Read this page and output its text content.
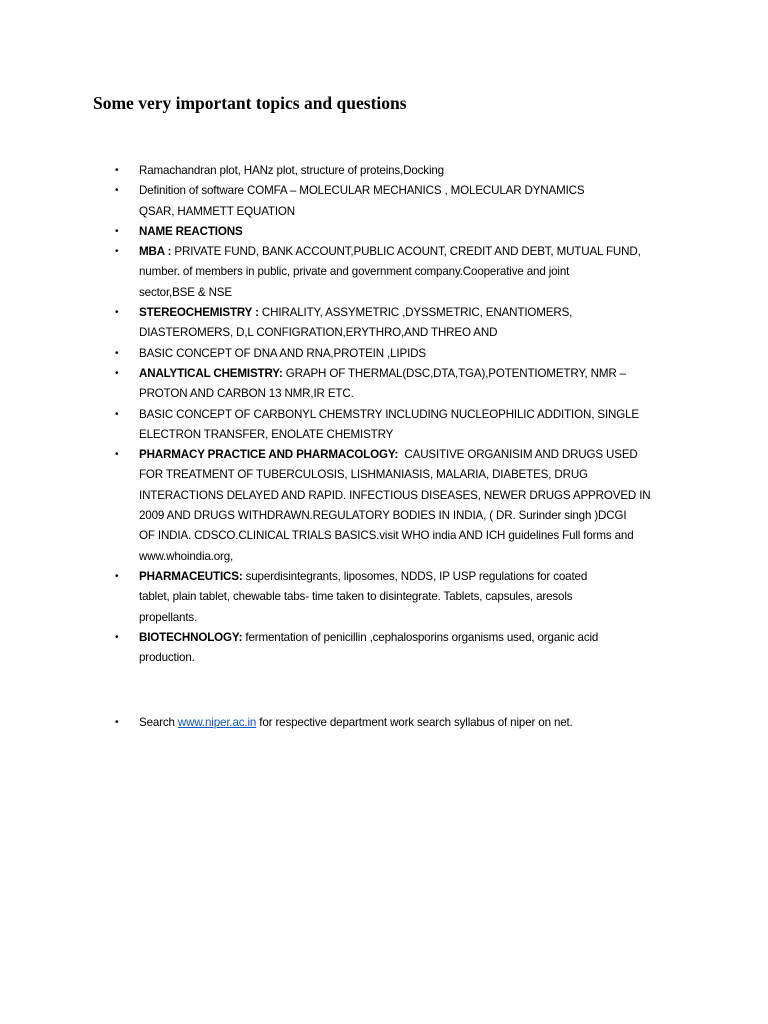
Some very important topics and questions
• Ramachandran plot, HANz plot, structure of proteins,Docking
• Definition of software COMFA – MOLECULAR MECHANICS , MOLECULAR DYNAMICS
QSAR, HAMMETT EQUATION
• NAME REACTIONS
• MBA : PRIVATE FUND, BANK ACCOUNT,PUBLIC ACOUNT, CREDIT AND DEBT, MUTUAL FUND,
number. of members in public, private and government company.Cooperative and joint
sector,BSE & NSE
• STEREOCHEMISTRY : CHIRALITY, ASSYMETRIC ,DYSSMETRIC, ENANTIOMERS,
DIASTEROMERS, D,L CONFIGRATION,ERYTHRO,AND THREO AND
• BASIC CONCEPT OF DNA AND RNA,PROTEIN ,LIPIDS
• ANALYTICAL CHEMISTRY: GRAPH OF THERMAL(DSC,DTA,TGA),POTENTIOMETRY, NMR –
PROTON AND CARBON 13 NMR,IR ETC.
• BASIC CONCEPT OF CARBONYL CHEMSTRY INCLUDING NUCLEOPHILIC ADDITION, SINGLE
ELECTRON TRANSFER, ENOLATE CHEMISTRY
• PHARMACY PRACTICE AND PHARMACOLOGY:  CAUSITIVE ORGANISIM AND DRUGS USED
FOR TREATMENT OF TUBERCULOSIS, LISHMANIASIS, MALARIA, DIABETES, DRUG
INTERACTIONS DELAYED AND RAPID. INFECTIOUS DISEASES, NEWER DRUGS APPROVED IN
2009 AND DRUGS WITHDRAWN.REGULATORY BODIES IN INDIA, ( DR. Surinder singh )DCGI
OF INDIA. CDSCO.CLINICAL TRIALS BASICS.visit WHO india AND ICH guidelines Full forms and
www.whoindia.org,
• PHARMACEUTICS: superdisintegrants, liposomes, NDDS, IP USP regulations for coated
tablet, plain tablet, chewable tabs- time taken to disintegrate. Tablets, capsules, aresols
propellants.
• BIOTECHNOLOGY: fermentation of penicillin ,cephalosporins organisms used, organic acid
production.
• Search www.niper.ac.in for respective department work search syllabus of niper on net.
